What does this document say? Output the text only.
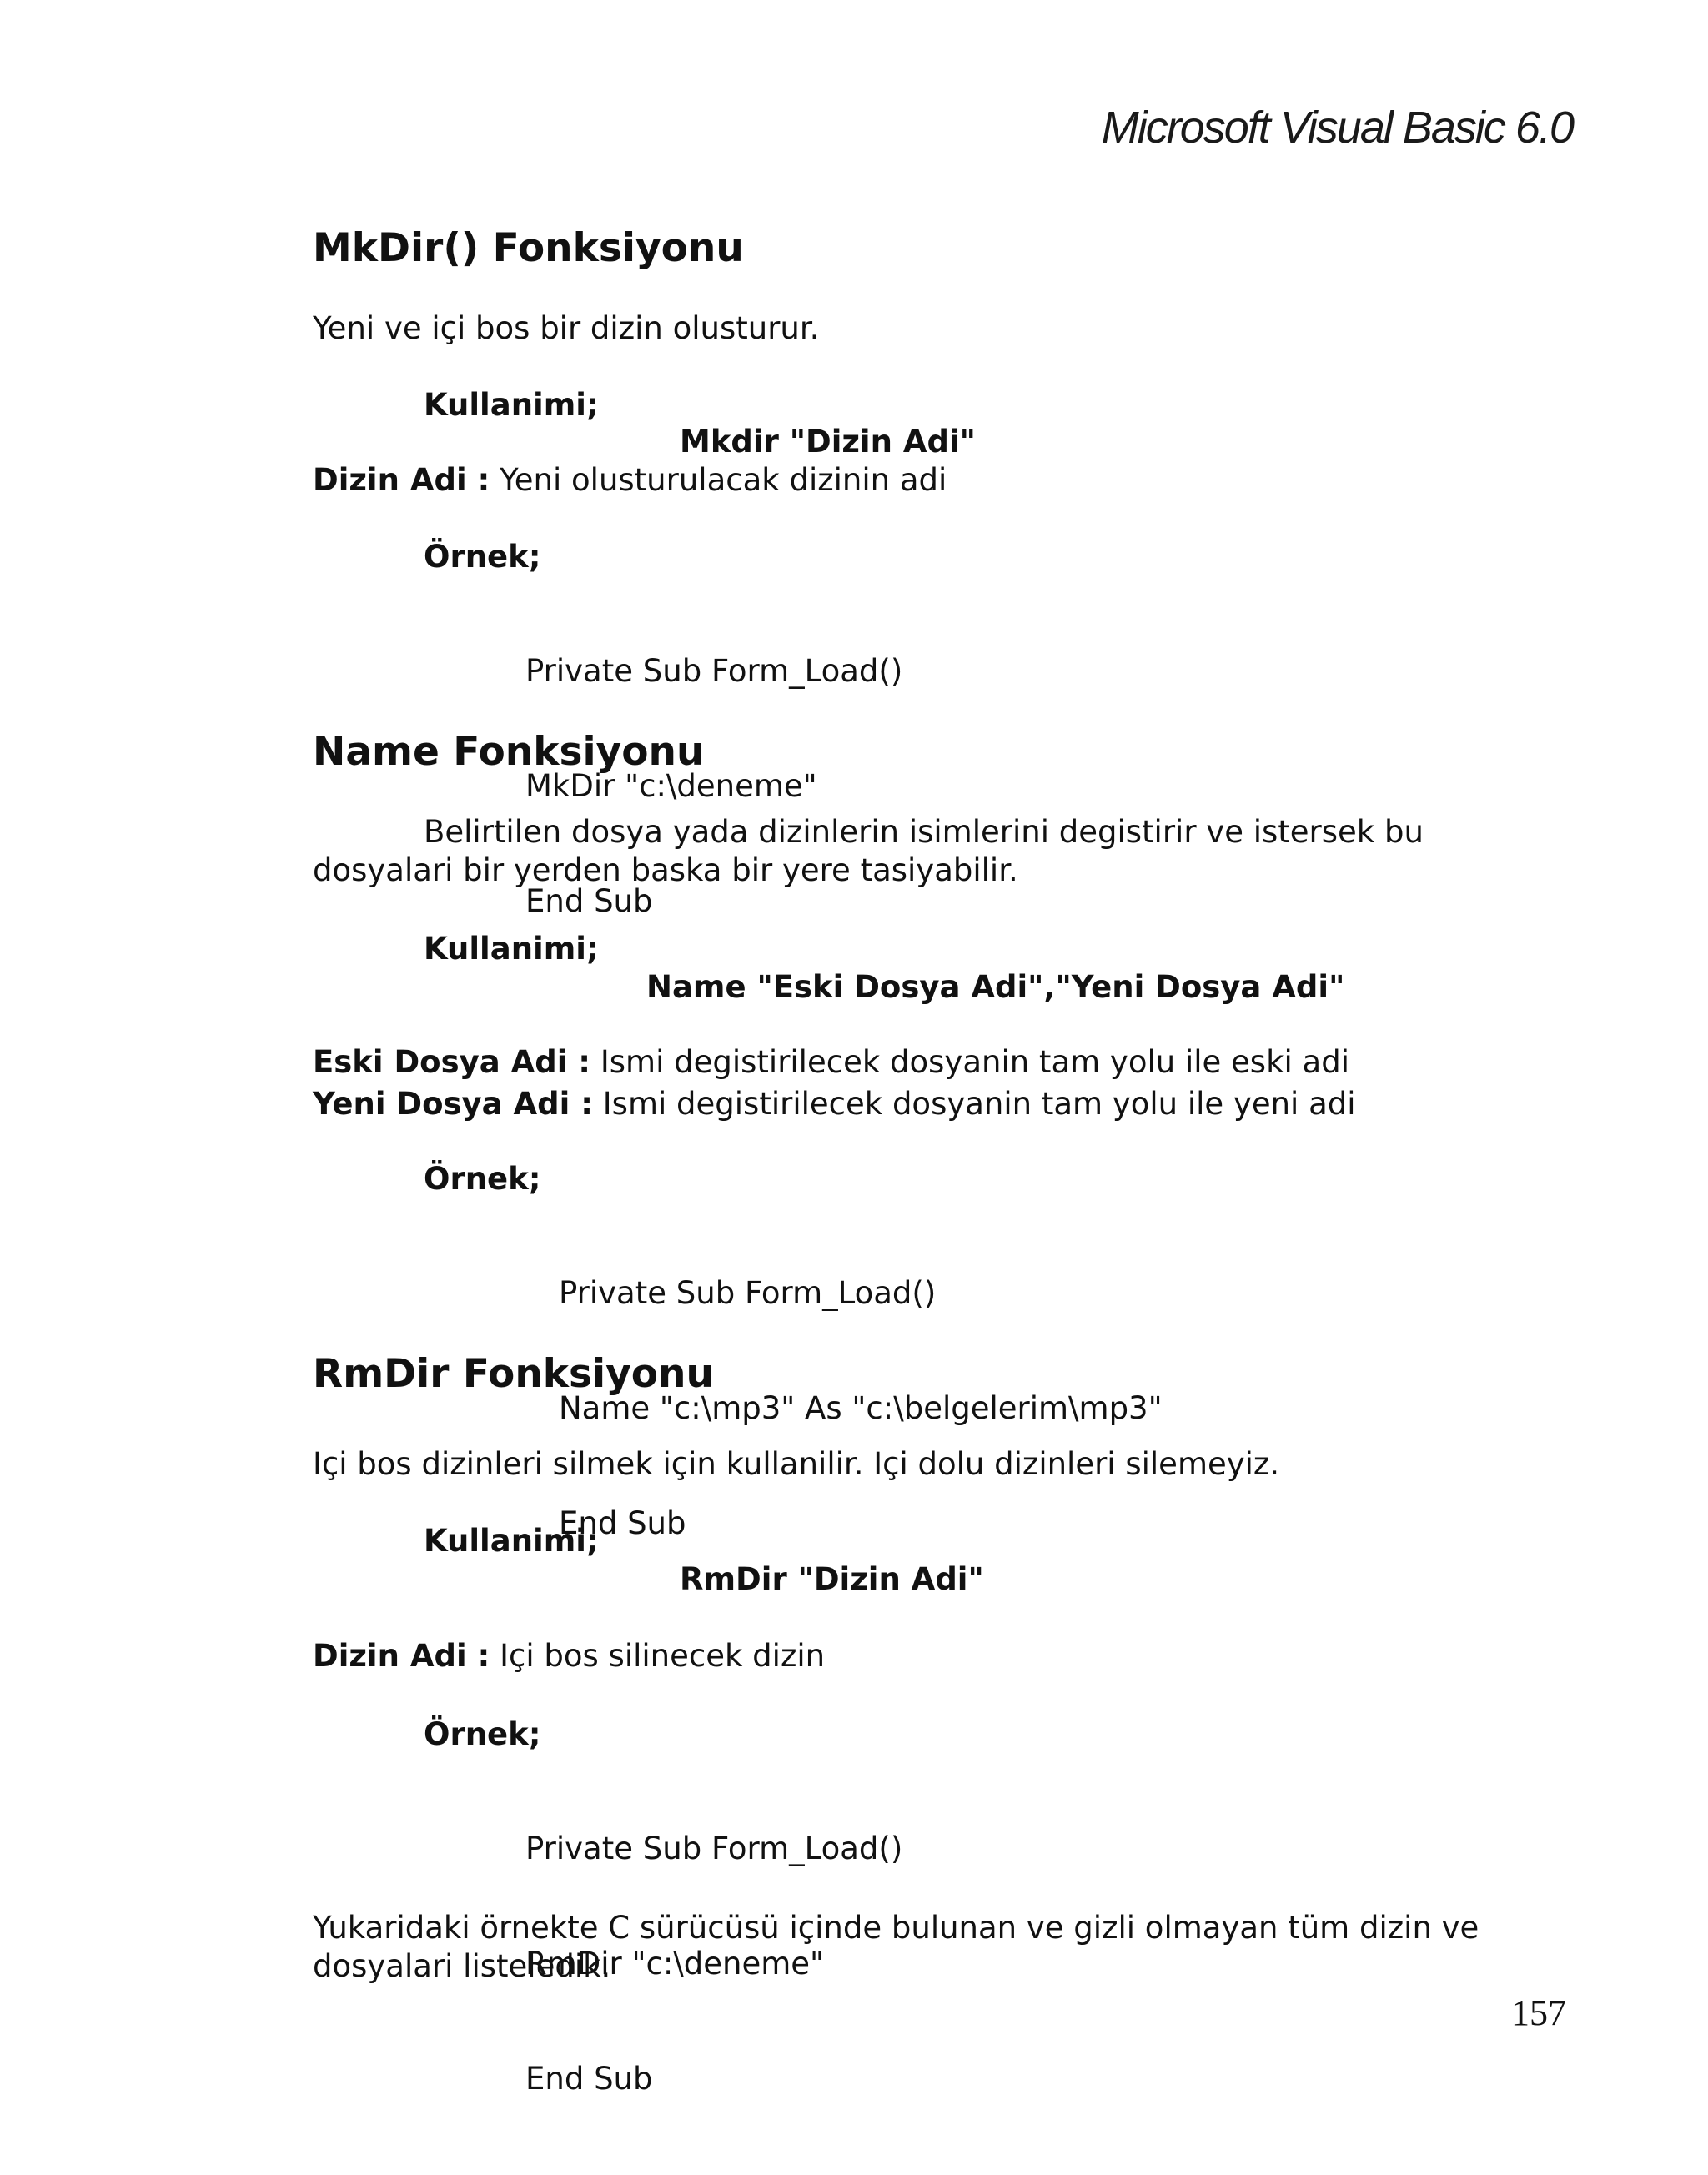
Microsoft Visual Basic 6.0
MkDir() Fonksiyonu

Yeni ve içi bos bir dizin olusturur.

Kullanimi;

Mkdir "Dizin Adi"

Dizin Adi : Yeni olusturulacak dizinin adi

Örnek;

Private Sub Form_Load()

MkDir "c:\deneme"

End Sub

Name Fonksiyonu

Belirtilen dosya yada dizinlerin isimlerini degistirir ve istersek bu

dosyalari bir yerden baska bir yere tasiyabilir.

Kullanimi;

Name "Eski Dosya Adi","Yeni Dosya Adi"

Eski Dosya Adi : Ismi degistirilecek dosyanin tam yolu ile eski adi

Yeni Dosya Adi : Ismi degistirilecek dosyanin tam yolu ile yeni adi

Örnek;

Private Sub Form_Load()

Name "c:\mp3" As "c:\belgelerim\mp3"

End Sub

RmDir Fonksiyonu

Içi bos dizinleri silmek için kullanilir. Içi dolu dizinleri silemeyiz.

Kullanimi;

RmDir "Dizin Adi"

Dizin Adi : Içi bos silinecek dizin

Örnek;

Private Sub Form_Load()

RmDir "c:\deneme"

End Sub

Yukaridaki örnekte C sürücüsü içinde bulunan ve gizli olmayan tüm dizin ve

dosyalari listeledik.

157
